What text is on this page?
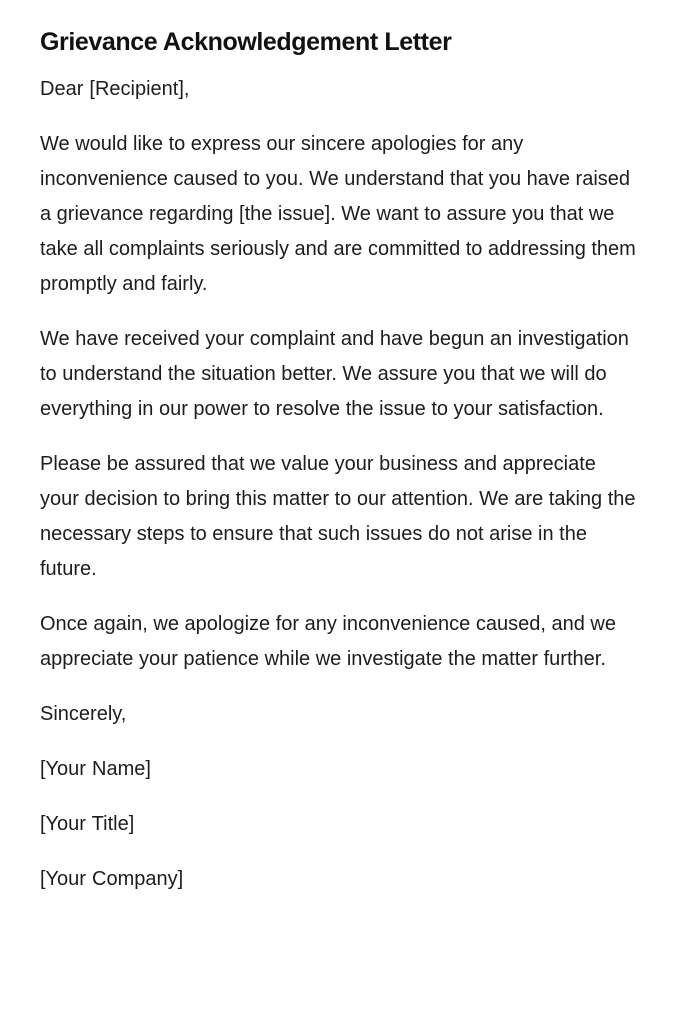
Grievance Acknowledgement Letter

Dear [Recipient],

We would like to express our sincere apologies for any inconvenience caused to you. We understand that you have raised a grievance regarding [the issue]. We want to assure you that we take all complaints seriously and are committed to addressing them promptly and fairly.

We have received your complaint and have begun an investigation to understand the situation better. We assure you that we will do everything in our power to resolve the issue to your satisfaction.

Please be assured that we value your business and appreciate your decision to bring this matter to our attention. We are taking the necessary steps to ensure that such issues do not arise in the future.

Once again, we apologize for any inconvenience caused, and we appreciate your patience while we investigate the matter further.

Sincerely,

[Your Name]

[Your Title]

[Your Company]
